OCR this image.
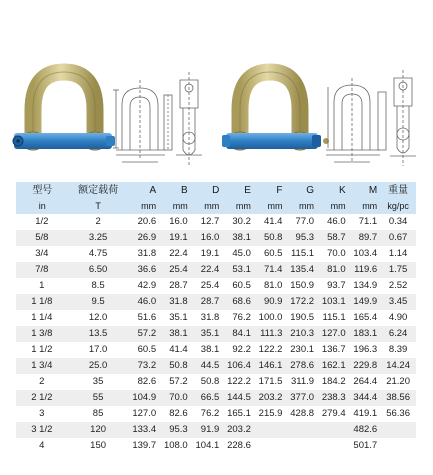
型号	额定载荷	A	B	D	E	F	G	K	M	重量
in	T	mm	mm	mm	mm	mm	mm	mm	mm	kg/pc
1/2	2	20.6	16.0	12.7	30.2	41.4	77.0	46.0	71.1	0.34
5/8	3.25	26.9	19.1	16.0	38.1	50.8	95.3	58.7	89.7	0.67
3/4	4.75	31.8	22.4	19.1	45.0	60.5	115.1	70.0	103.4	1.14
7/8	6.50	36.6	25.4	22.4	53.1	71.4	135.4	81.0	119.6	1.75
1	8.5	42.9	28.7	25.4	60.5	81.0	150.9	93.7	134.9	2.52
1 1/8	9.5	46.0	31.8	28.7	68.6	90.9	172.2	103.1	149.9	3.45
1 1/4	12.0	51.6	35.1	31.8	76.2	100.0	190.5	115.1	165.4	4.90
1 3/8	13.5	57.2	38.1	35.1	84.1	111.3	210.3	127.0	183.1	6.24
1 1/2	17.0	60.5	41.4	38.1	92.2	122.2	230.1	136.7	196.3	8.39
1 3/4	25.0	73.2	50.8	44.5	106.4	146.1	278.6	162.1	229.8	14.24
2	35	82.6	57.2	50.8	122.2	171.5	311.9	184.2	264.4	21.20
2 1/2	55	104.9	70.0	66.5	144.5	203.2	377.0	238.3	344.4	38.56
3	85	127.0	82.6	76.2	165.1	215.9	428.8	279.4	419.1	56.36
3 1/2	120	133.4	95.3	91.9	203.2				482.6	
4	150	139.7	108.0	104.1	228.6				501.7	
